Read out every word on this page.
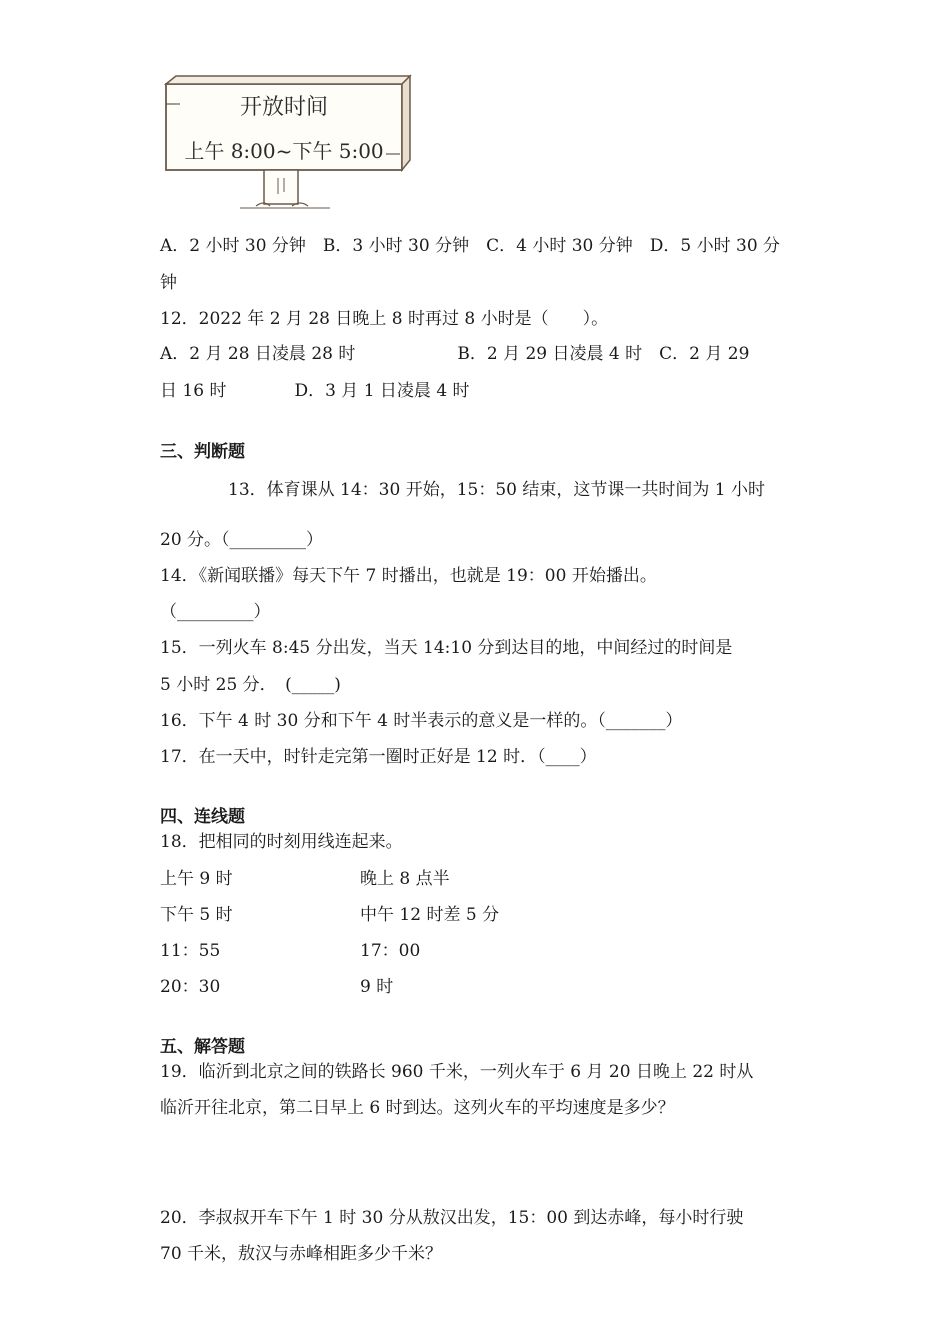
开放时间
上午 8:00~下午 5:00
A．2 小时 30 分钟　B．3 小时 30 分钟　C．4 小时 30 分钟　D．5 小时 30 分
钟
12．2022 年 2 月 28 日晚上 8 时再过 8 小时是（　　）。
A．2 月 28 日凌晨 28 时　　　　　　B．2 月 29 日凌晨 4 时　C．2 月 29
日 16 时　　　　D．3 月 1 日凌晨 4 时
三、判断题
13．体育课从 14：30 开始，15：50 结束，这节课一共时间为 1 小时
20 分。（_________）
14．《新闻联播》每天下午 7 时播出，也就是 19：00 开始播出。
（_________）
15．一列火车 8:45 分出发，当天 14:10 分到达目的地，中间经过的时间是
5 小时 25 分．　(_____)
16．下午 4 时 30 分和下午 4 时半表示的意义是一样的。（_______）
17．在一天中，时针走完第一圈时正好是 12 时．（____）
四、连线题
18．把相同的时刻用线连起来。
上午 9 时	晚上 8 点半
下午 5 时	中午 12 时差 5 分
11：55	17：00
20：30	9 时
五、解答题
19．临沂到北京之间的铁路长 960 千米，一列火车于 6 月 20 日晚上 22 时从
临沂开往北京，第二日早上 6 时到达。这列火车的平均速度是多少？
20．李叔叔开车下午 1 时 30 分从敖汉出发，15：00 到达赤峰，每小时行驶
70 千米，敖汉与赤峰相距多少千米？
